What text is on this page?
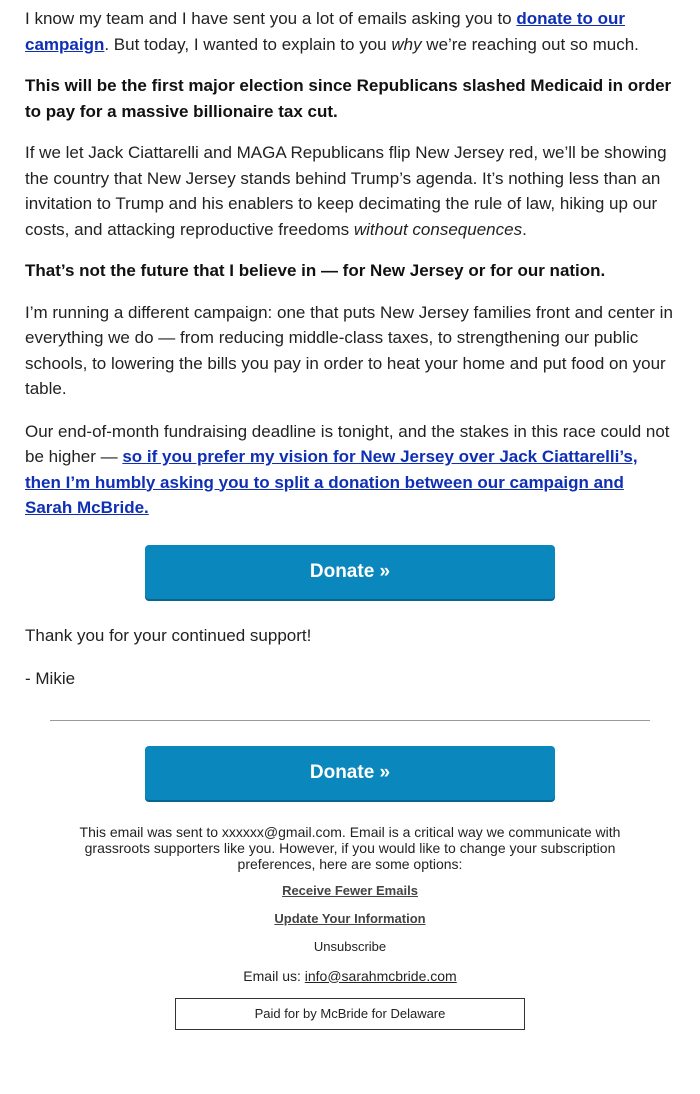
I know my team and I have sent you a lot of emails asking you to donate to our campaign. But today, I wanted to explain to you why we’re reaching out so much.

This will be the first major election since Republicans slashed Medicaid in order to pay for a massive billionaire tax cut.

If we let Jack Ciattarelli and MAGA Republicans flip New Jersey red, we’ll be showing the country that New Jersey stands behind Trump’s agenda. It’s nothing less than an invitation to Trump and his enablers to keep decimating the rule of law, hiking up our costs, and attacking reproductive freedoms without consequences.

That’s not the future that I believe in — for New Jersey or for our nation.

I’m running a different campaign: one that puts New Jersey families front and center in everything we do — from reducing middle-class taxes, to strengthening our public schools, to lowering the bills you pay in order to heat your home and put food on your table.

Our end-of-month fundraising deadline is tonight, and the stakes in this race could not be higher — so if you prefer my vision for New Jersey over Jack Ciattarelli’s, then I’m humbly asking you to split a donation between our campaign and Sarah McBride.

Donate »

Thank you for your continued support!

- Mikie

Donate »
This email was sent to xxxxxx@gmail.com. Email is a critical way we communicate with grassroots supporters like you. However, if you would like to change your subscription preferences, here are some options:
Receive Fewer Emails
Update Your Information
Unsubscribe
Email us: info@sarahmcbride.com
Paid for by McBride for Delaware
